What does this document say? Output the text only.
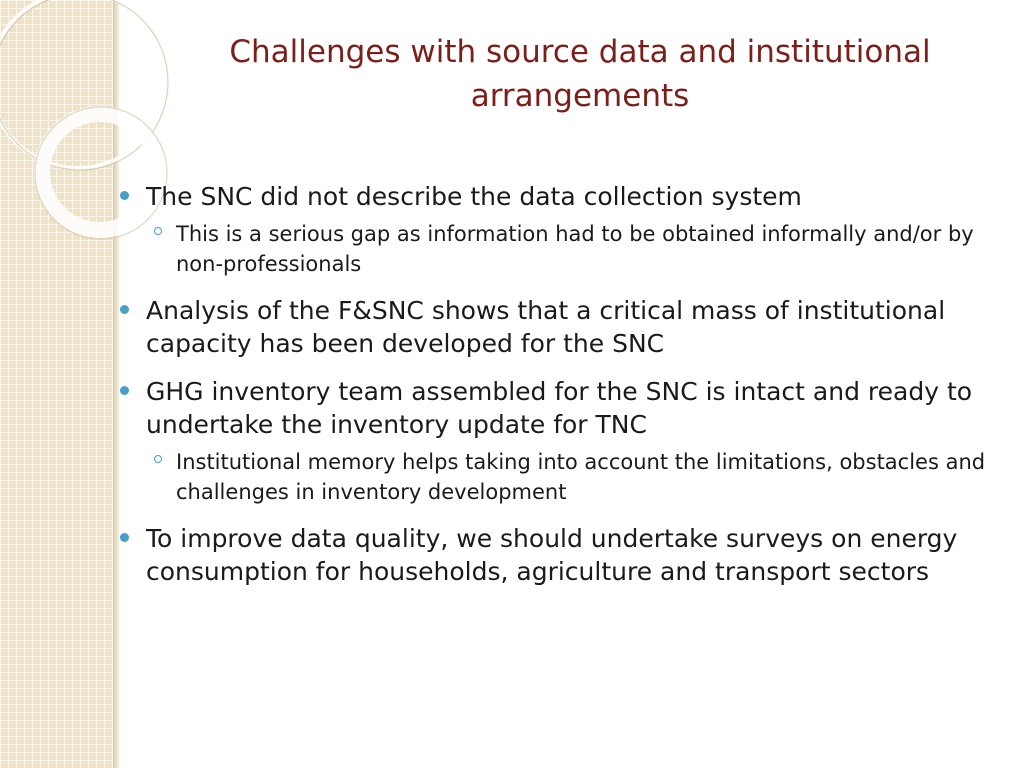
Challenges with source data and institutional arrangements
The SNC did not describe the data collection system
This is a serious gap as information had to be obtained informally and/or by non-professionals
Analysis of the F&SNC shows that a critical mass of institutional capacity has been developed for the SNC
GHG inventory team assembled for the SNC is intact and ready to undertake the inventory update for TNC
Institutional memory helps taking into account the limitations, obstacles and challenges in inventory development
To improve data quality, we should undertake surveys on energy consumption for households, agriculture and transport sectors
